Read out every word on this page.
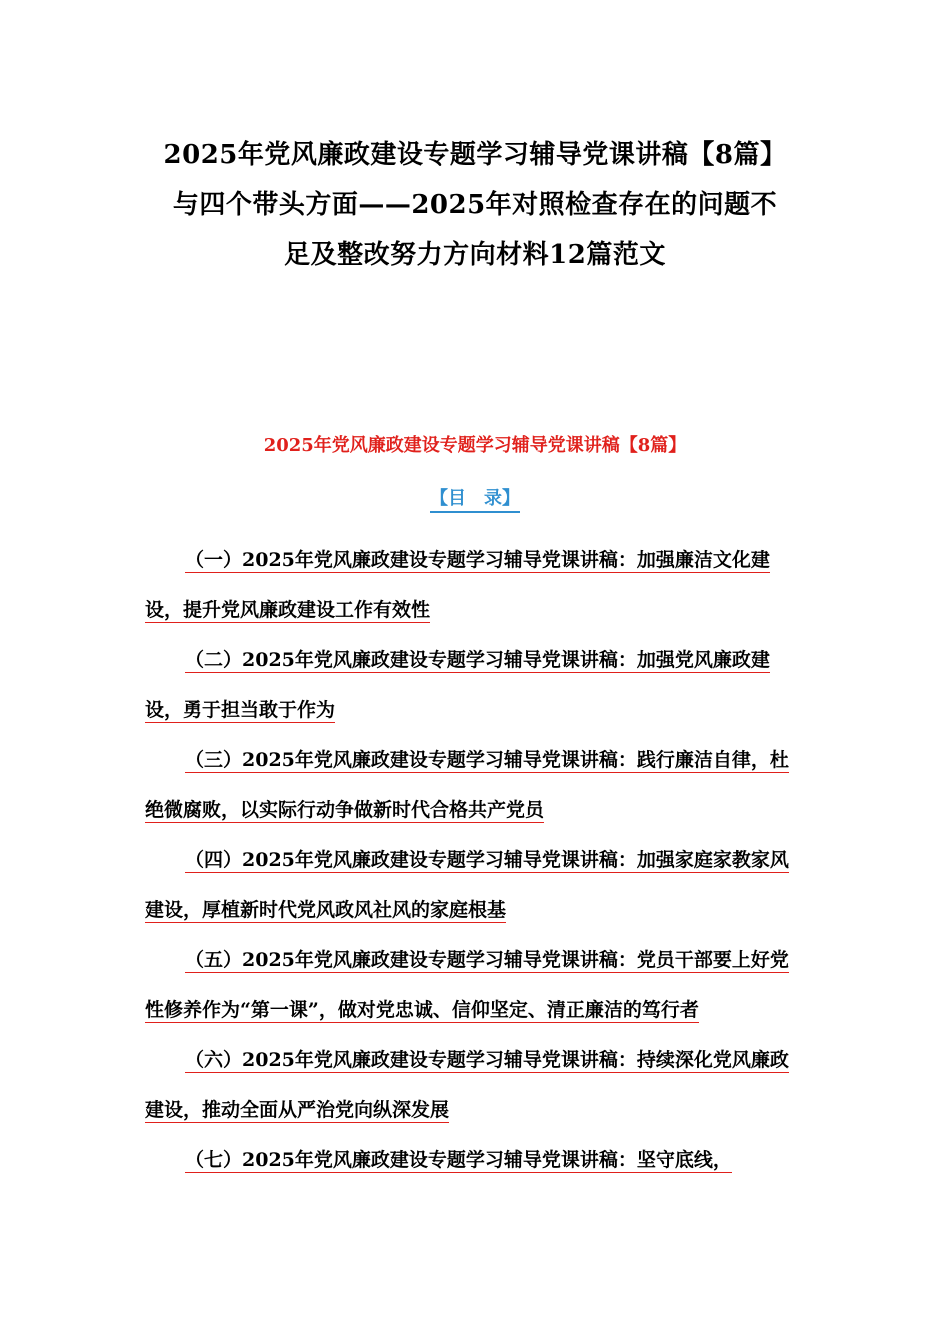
2025年党风廉政建设专题学习辅导党课讲稿【8篇】
与四个带头方面——2025年对照检查存在的问题不
足及整改努力方向材料12篇范文
2025年党风廉政建设专题学习辅导党课讲稿【8篇】
【目　录】

（一）2025年党风廉政建设专题学习辅导党课讲稿：加强廉洁文化建设，提升党风廉政建设工作有效性

（二）2025年党风廉政建设专题学习辅导党课讲稿：加强党风廉政建设，勇于担当敢于作为

（三）2025年党风廉政建设专题学习辅导党课讲稿：践行廉洁自律，杜绝微腐败，以实际行动争做新时代合格共产党员

（四）2025年党风廉政建设专题学习辅导党课讲稿：加强家庭家教家风建设，厚植新时代党风政风社风的家庭根基

（五）2025年党风廉政建设专题学习辅导党课讲稿：党员干部要上好党性修养作为“第一课”，做对党忠诚、信仰坚定、清正廉洁的笃行者

（六）2025年党风廉政建设专题学习辅导党课讲稿：持续深化党风廉政建设，推动全面从严治党向纵深发展

（七）2025年党风廉政建设专题学习辅导党课讲稿：坚守底线，
